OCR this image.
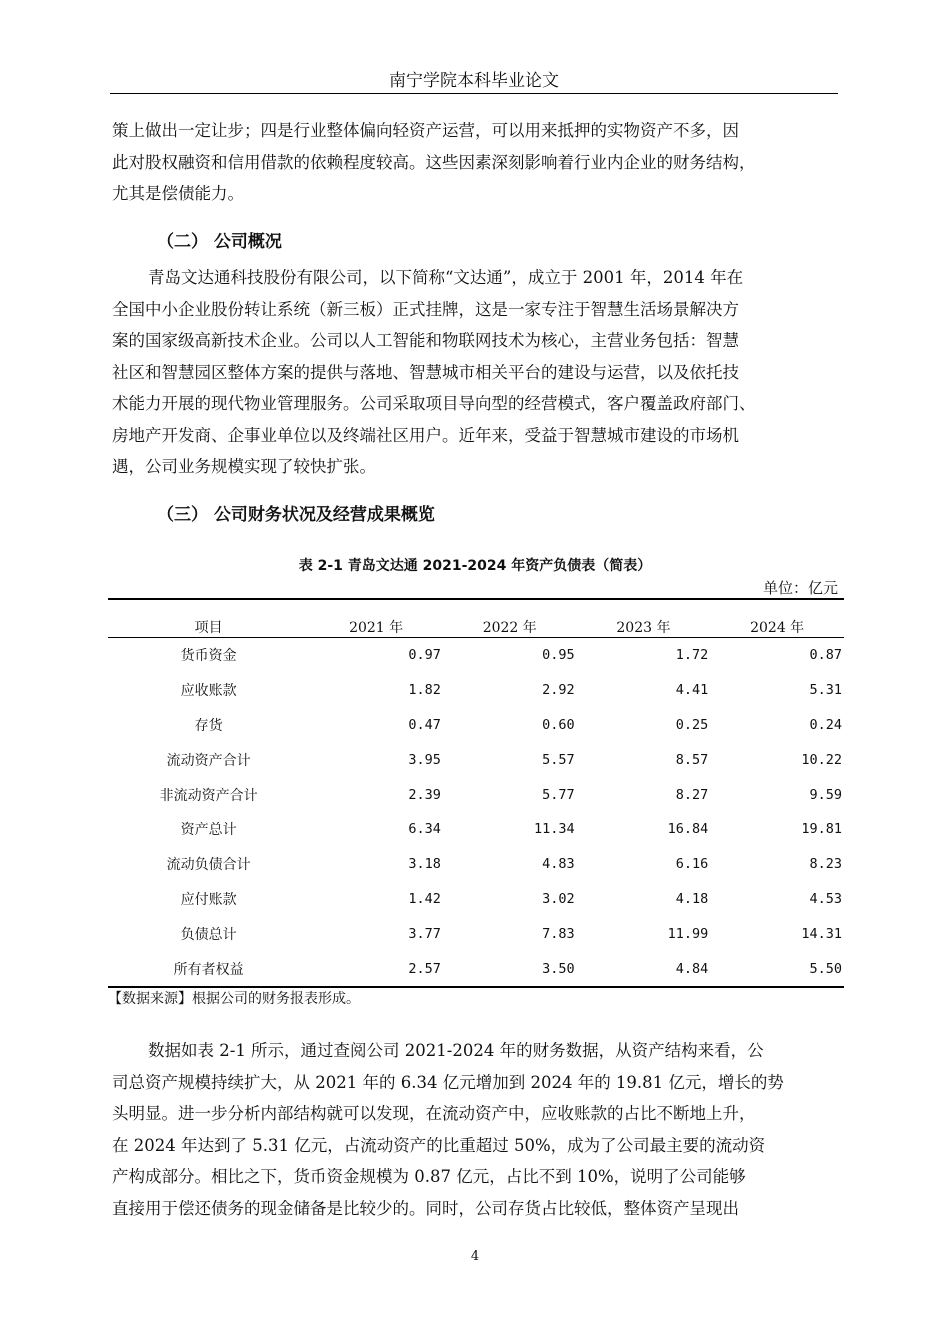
南宁学院本科毕业论文

策上做出一定让步；四是行业整体偏向轻资产运营，可以用来抵押的实物资产不多，因
此对股权融资和信用借款的依赖程度较高。这些因素深刻影响着行业内企业的财务结构，
尤其是偿债能力。

（二） 公司概况

青岛文达通科技股份有限公司，以下简称“文达通”，成立于 2001 年，2014 年在
全国中小企业股份转让系统（新三板）正式挂牌，这是一家专注于智慧生活场景解决方
案的国家级高新技术企业。公司以人工智能和物联网技术为核心，主营业务包括：智慧
社区和智慧园区整体方案的提供与落地、智慧城市相关平台的建设与运营，以及依托技
术能力开展的现代物业管理服务。公司采取项目导向型的经营模式，客户覆盖政府部门、
房地产开发商、企事业单位以及终端社区用户。近年来，受益于智慧城市建设的市场机
遇，公司业务规模实现了较快扩张。

（三） 公司财务状况及经营成果概览
表 2-1 青岛文达通 2021-2024 年资产负债表（简表）
单位：亿元
项目	2021 年	2022 年	2023 年	2024 年
货币资金	0.97	0.95	1.72	0.87
应收账款	1.82	2.92	4.41	5.31
存货	0.47	0.60	0.25	0.24
流动资产合计	3.95	5.57	8.57	10.22
非流动资产合计	2.39	5.77	8.27	9.59
资产总计	6.34	11.34	16.84	19.81
流动负债合计	3.18	4.83	6.16	8.23
应付账款	1.42	3.02	4.18	4.53
负债总计	3.77	7.83	11.99	14.31
所有者权益	2.57	3.50	4.84	5.50
【数据来源】根据公司的财务报表形成。

数据如表 2-1 所示，通过查阅公司 2021-2024 年的财务数据，从资产结构来看，公
司总资产规模持续扩大，从 2021 年的 6.34 亿元增加到 2024 年的 19.81 亿元，增长的势
头明显。进一步分析内部结构就可以发现，在流动资产中，应收账款的占比不断地上升，
在 2024 年达到了 5.31 亿元，占流动资产的比重超过 50%，成为了公司最主要的流动资
产构成部分。相比之下，货币资金规模为 0.87 亿元，占比不到 10%，说明了公司能够
直接用于偿还债务的现金储备是比较少的。同时，公司存货占比较低，整体资产呈现出

4
